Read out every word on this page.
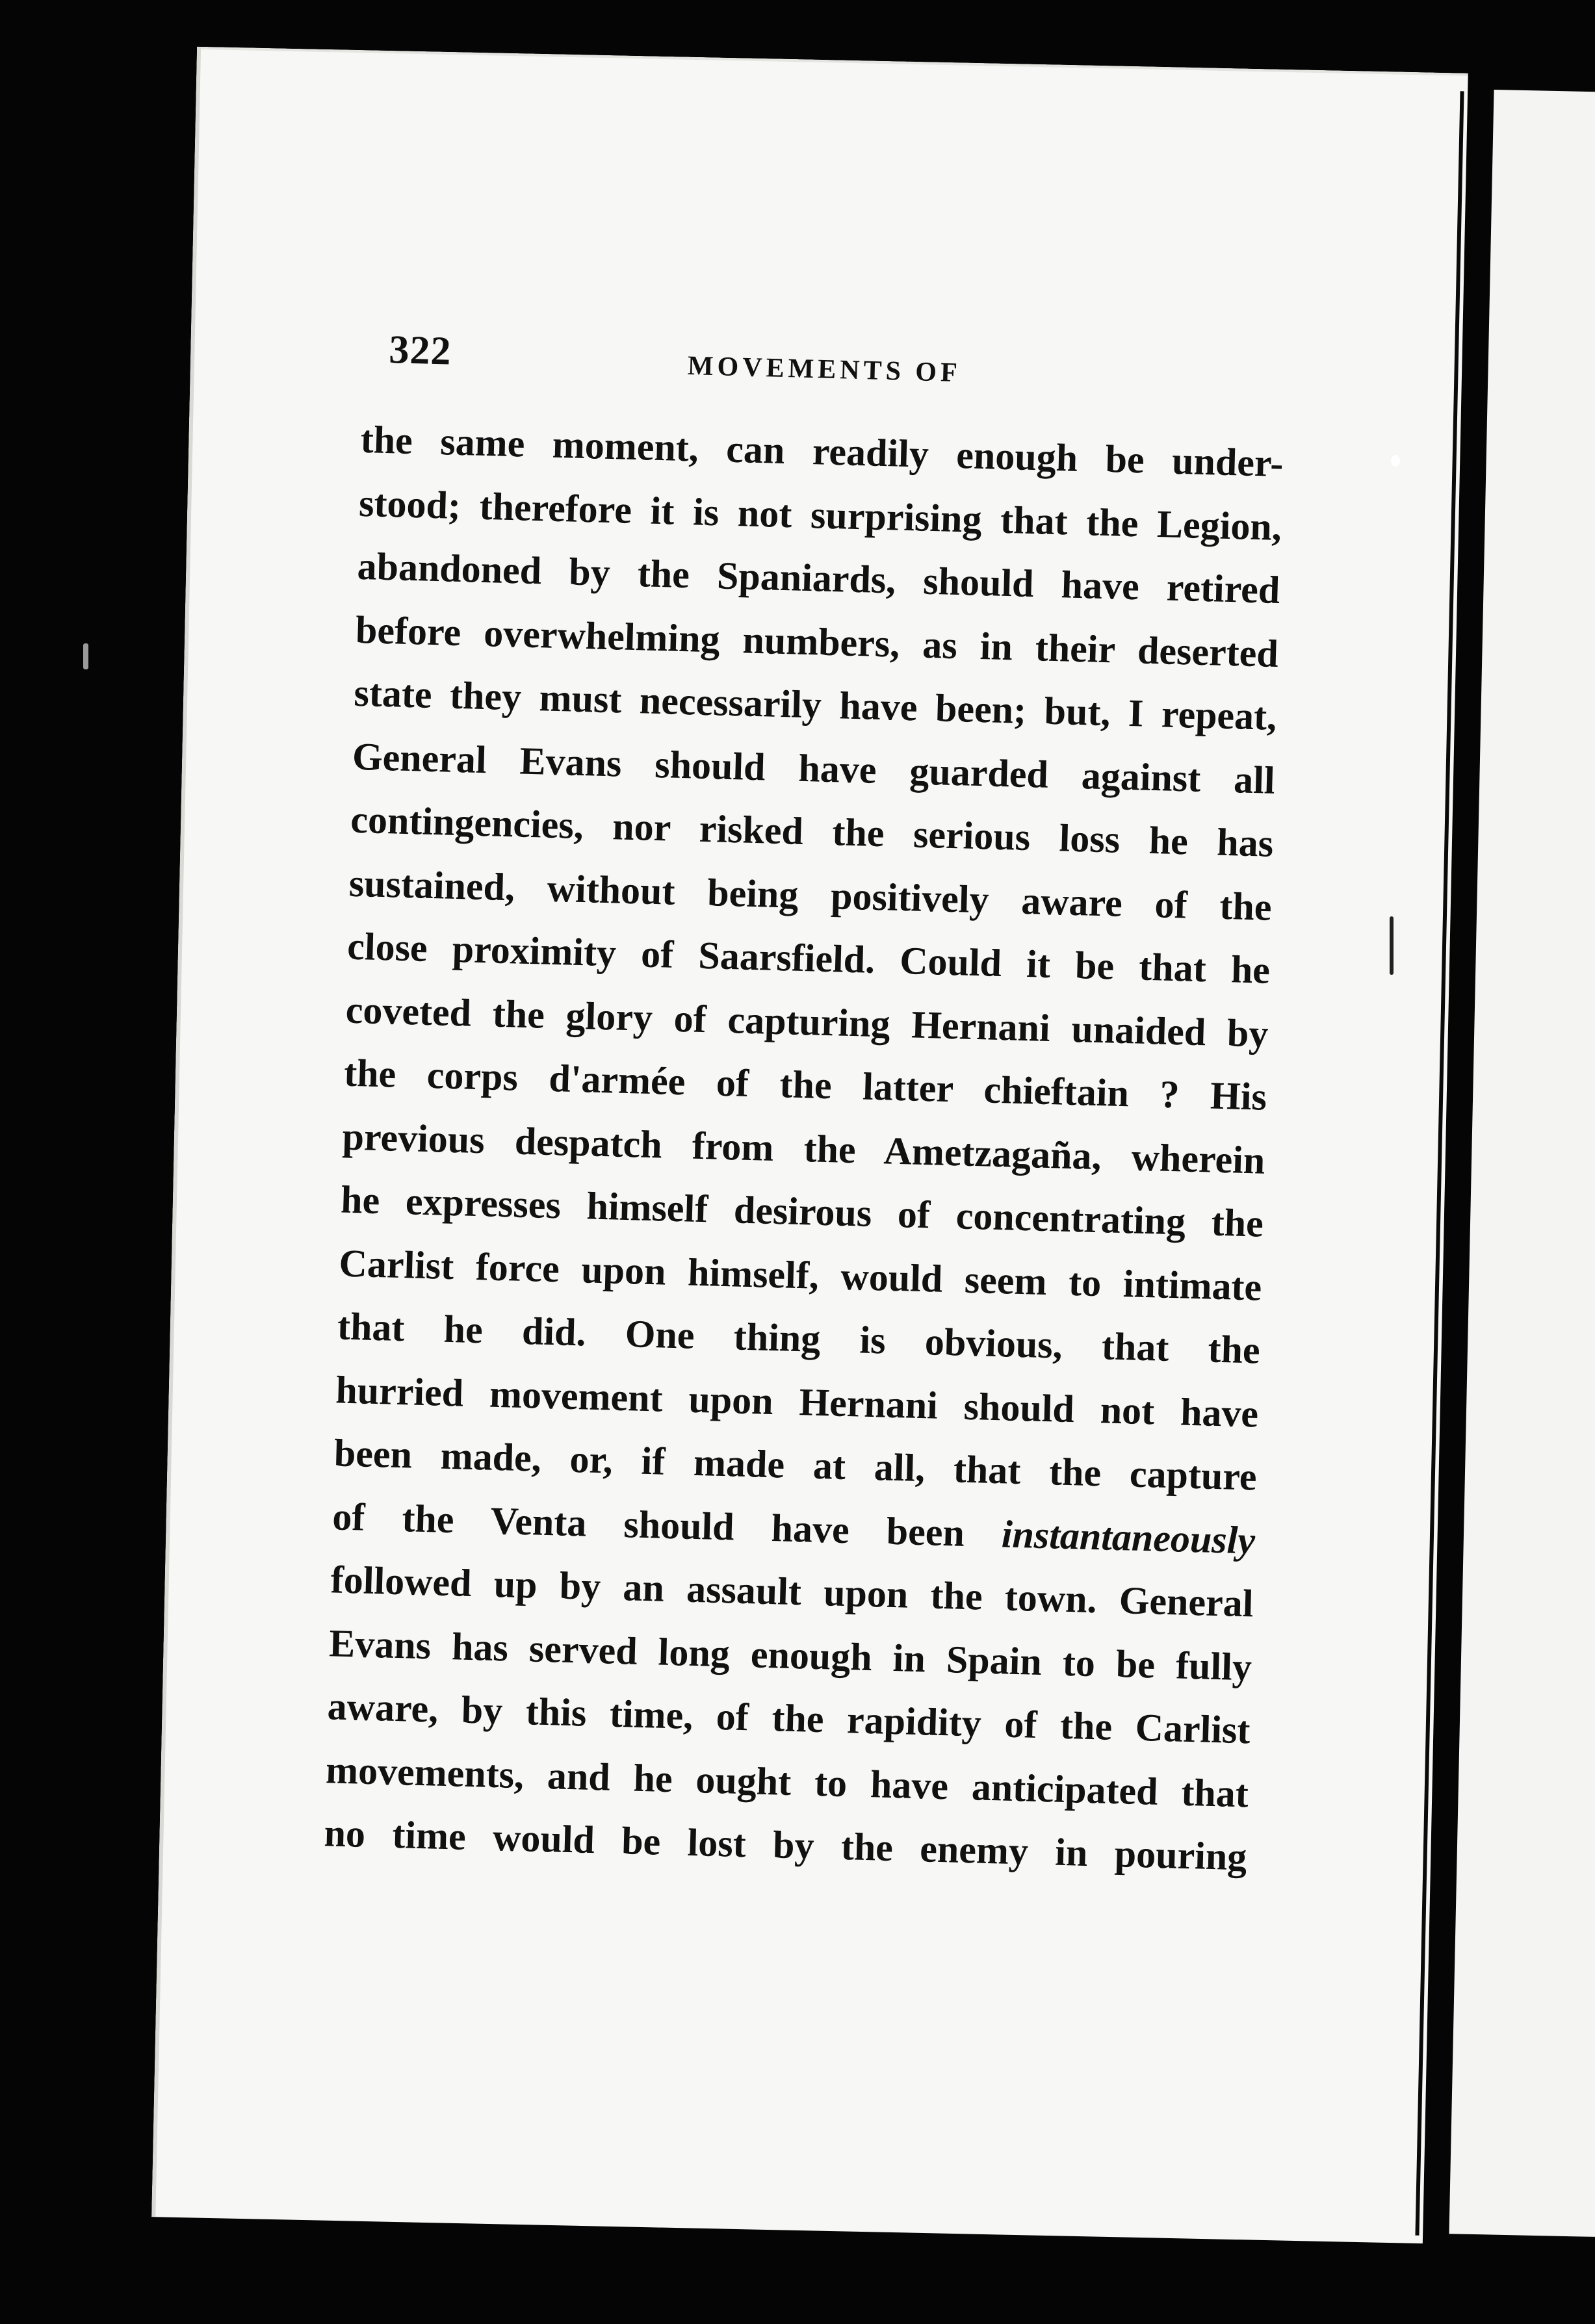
322	MOVEMENTS OF
the same moment, can readily enough be under-
stood; therefore it is not surprising that the Legion,
abandoned by the Spaniards, should have retired
before overwhelming numbers, as in their deserted
state they must necessarily have been; but, I repeat,
General Evans should have guarded against all
contingencies, nor risked the serious loss he has
sustained, without being positively aware of the
close proximity of Saarsfield. Could it be that he
coveted the glory of capturing Hernani unaided by
the corps d'armée of the latter chieftain ? His
previous despatch from the Ametzagaña, wherein
he expresses himself desirous of concentrating the
Carlist force upon himself, would seem to intimate
that he did. One thing is obvious, that the
hurried movement upon Hernani should not have
been made, or, if made at all, that the capture
of the Venta should have been instantaneously
followed up by an assault upon the town. General
Evans has served long enough in Spain to be fully
aware, by this time, of the rapidity of the Carlist
movements, and he ought to have anticipated that
no time would be lost by the enemy in pouring
